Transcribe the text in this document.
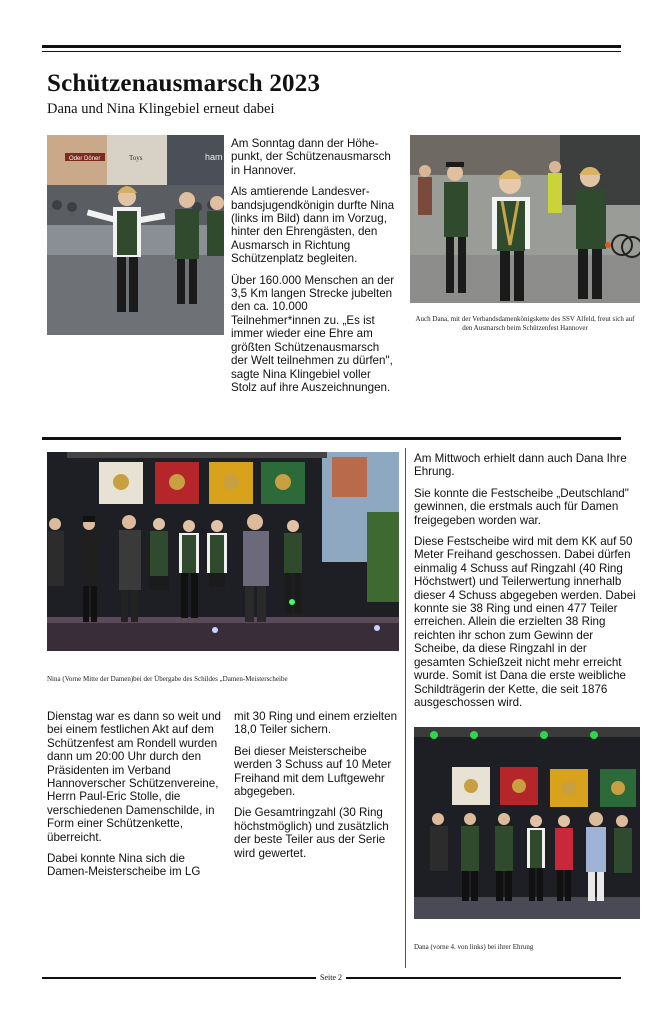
Schützenausmarsch 2023
Dana und Nina Klingebiel erneut dabei
Oder Döner	Toys	ham

Am Sonntag dann der Höhe-punkt, der Schützenausmarsch in Hannover.

Als amtierende Landesver-bandsjugendkönigin durfte Nina (links im Bild) dann im Vorzug, hinter den Ehrengästen, den Ausmarsch in Richtung Schützenplatz begleiten.

Über 160.000 Menschen an der 3,5 Km langen Strecke jubelten den ca. 10.000 Teilnehmer*innen zu. „Es ist immer wieder eine Ehre am größten Schützenausmarsch der Welt teilnehmen zu dürfen", sagte Nina Klingebiel voller Stolz auf ihre Auszeichnungen.

Auch Dana, mit der Verbandsdamenkönigskette des SSV Alfeld, freut sich auf den Ausmarsch beim Schützenfest Hannover
Nina (Vorne Mitte der Damen)bei der Übergabe des Schildes „Damen-Meisterscheibe

Dienstag war es dann so weit und bei einem festlichen Akt auf dem Schützenfest am Rondell wurden dann um 20:00 Uhr durch den Präsidenten im Verband Hannoverscher Schützenvereine, Herrn Paul-Eric Stolle, die verschiedenen Damenschilde, in Form einer Schützenkette, überreicht.

Dabei konnte Nina sich die Damen-Meisterscheibe im LG

mit 30 Ring und einem erzielten 18,0 Teiler sichern.

Bei dieser Meisterscheibe werden 3 Schuss auf 10 Meter Freihand mit dem Luftgewehr abgegeben.

Die Gesamtringzahl (30 Ring höchstmöglich) und zusätzlich der beste Teiler aus der Serie wird gewertet.

Am Mittwoch erhielt dann auch Dana Ihre Ehrung.

Sie konnte die Festscheibe „Deutschland" gewinnen, die erstmals auch für Damen freigegeben worden war.

Diese Festscheibe wird mit dem KK auf 50 Meter Freihand geschossen. Dabei dürfen einmalig 4 Schuss auf Ringzahl (40 Ring Höchstwert) und Teilerwertung innerhalb dieser 4 Schuss abgegeben werden. Dabei konnte sie 38 Ring und einen 477 Teiler erreichen. Allein die erzielten 38 Ring reichten ihr schon zum Gewinn der Scheibe, da diese Ringzahl in der gesamten Schießzeit nicht mehr erreicht wurde. Somit ist Dana die erste weibliche Schildträgerin der Kette, die seit 1876 ausgeschossen wird.

Dana (vorne 4. von links) bei ihrer Ehrung
Seite 2
